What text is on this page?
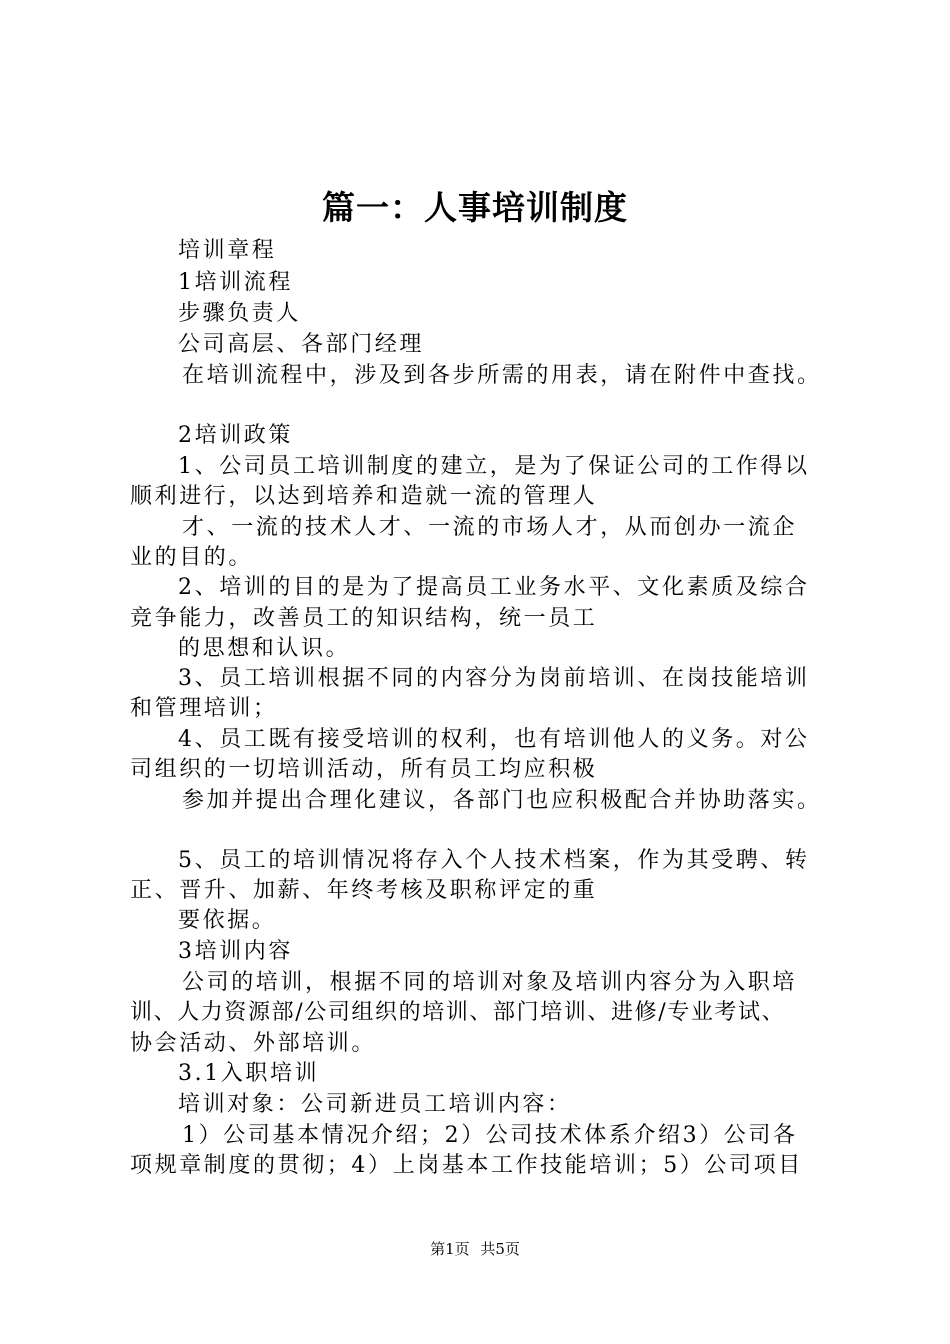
篇一：人事培训制度
培训章程
1培训流程
步骤负责人
公司高层、各部门经理
在培训流程中，涉及到各步所需的用表，请在附件中查找。
2培训政策
1、公司员工培训制度的建立，是为了保证公司的工作得以
顺利进行，以达到培养和造就一流的管理人
才、一流的技术人才、一流的市场人才，从而创办一流企
业的目的。
2、培训的目的是为了提高员工业务水平、文化素质及综合
竞争能力，改善员工的知识结构，统一员工
的思想和认识。
3、员工培训根据不同的内容分为岗前培训、在岗技能培训
和管理培训；
4、员工既有接受培训的权利，也有培训他人的义务。对公
司组织的一切培训活动，所有员工均应积极
参加并提出合理化建议，各部门也应积极配合并协助落实。
5、员工的培训情况将存入个人技术档案，作为其受聘、转
正、晋升、加薪、年终考核及职称评定的重
要依据。
3培训内容
公司的培训，根据不同的培训对象及培训内容分为入职培
训、人力资源部/公司组织的培训、部门培训、进修/专业考试、
协会活动、外部培训。
3.1入职培训
培训对象：公司新进员工培训内容：
1）公司基本情况介绍；2）公司技术体系介绍3）公司各
项规章制度的贯彻；4）上岗基本工作技能培训；5）公司项目
第1页 共5页
